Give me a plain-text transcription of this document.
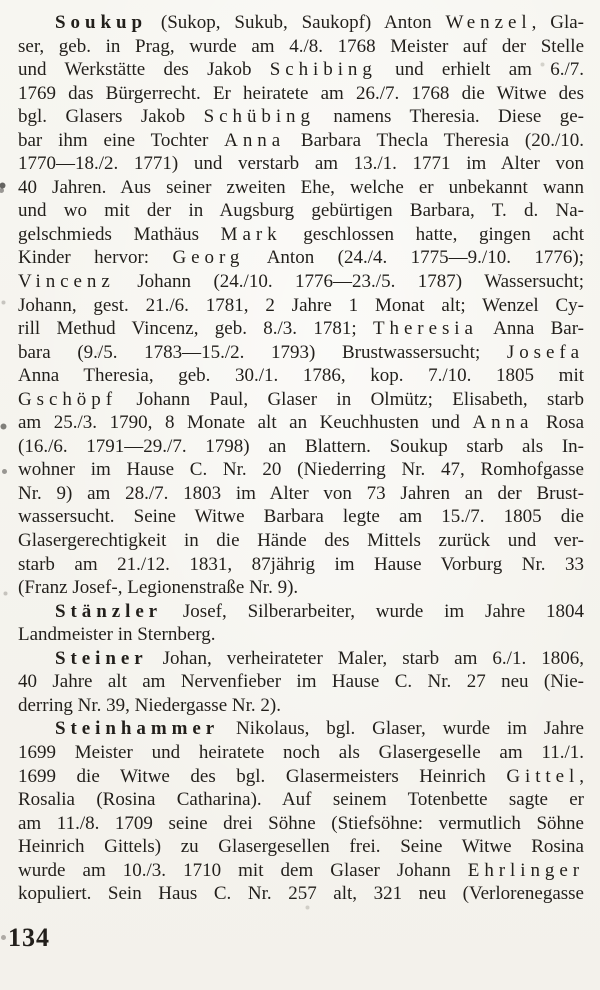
Soukup (Sukop, Sukub, Saukopf) Anton Wenzel, Gla-
ser, geb. in Prag, wurde am 4./8. 1768 Meister auf der Stelle
und Werkstätte des Jakob Schibing und erhielt am 6./7.
1769 das Bürgerrecht. Er heiratete am 26./7. 1768 die Witwe des
bgl. Glasers Jakob Schübing namens Theresia. Diese ge-
bar ihm eine Tochter Anna Barbara Thecla Theresia (20./10.
1770—18./2. 1771) und verstarb am 13./1. 1771 im Alter von
40 Jahren. Aus seiner zweiten Ehe, welche er unbekannt wann
und wo mit der in Augsburg gebürtigen Barbara, T. d. Na-
gelschmieds Mathäus Mark geschlossen hatte, gingen acht
Kinder hervor: Georg Anton (24./4. 1775—9./10. 1776);
Vincenz Johann (24./10. 1776—23./5. 1787) Wassersucht;
Johann, gest. 21./6. 1781, 2 Jahre 1 Monat alt; Wenzel Cy-
rill Methud Vincenz, geb. 8./3. 1781; Theresia Anna Bar-
bara (9./5. 1783—15./2. 1793) Brustwassersucht; Josefa
Anna Theresia, geb. 30./1. 1786, kop. 7./10. 1805 mit
Gschöpf Johann Paul, Glaser in Olmütz; Elisabeth, starb
am 25./3. 1790, 8 Monate alt an Keuchhusten und Anna Rosa
(16./6. 1791—29./7. 1798) an Blattern. Soukup starb als In-
wohner im Hause C. Nr. 20 (Niederring Nr. 47, Romhofgasse
Nr. 9) am 28./7. 1803 im Alter von 73 Jahren an der Brust-
wassersucht. Seine Witwe Barbara legte am 15./7. 1805 die
Glasergerechtigkeit in die Hände des Mittels zurück und ver-
starb am 21./12. 1831, 87jährig im Hause Vorburg Nr. 33
(Franz Josef-, Legionenstraße Nr. 9).
Stänzler Josef, Silberarbeiter, wurde im Jahre 1804
Landmeister in Sternberg.
Steiner Johan, verheirateter Maler, starb am 6./1. 1806,
40 Jahre alt am Nervenfieber im Hause C. Nr. 27 neu (Nie-
derring Nr. 39, Niedergasse Nr. 2).
Steinhammer Nikolaus, bgl. Glaser, wurde im Jahre
1699 Meister und heiratete noch als Glasergeselle am 11./1.
1699 die Witwe des bgl. Glasermeisters Heinrich Gittel,
Rosalia (Rosina Catharina). Auf seinem Totenbette sagte er
am 11./8. 1709 seine drei Söhne (Stiefsöhne: vermutlich Söhne
Heinrich Gittels) zu Glasergesellen frei. Seine Witwe Rosina
wurde am 10./3. 1710 mit dem Glaser Johann Ehrlinger
kopuliert. Sein Haus C. Nr. 257 alt, 321 neu (Verlorenegasse
134
